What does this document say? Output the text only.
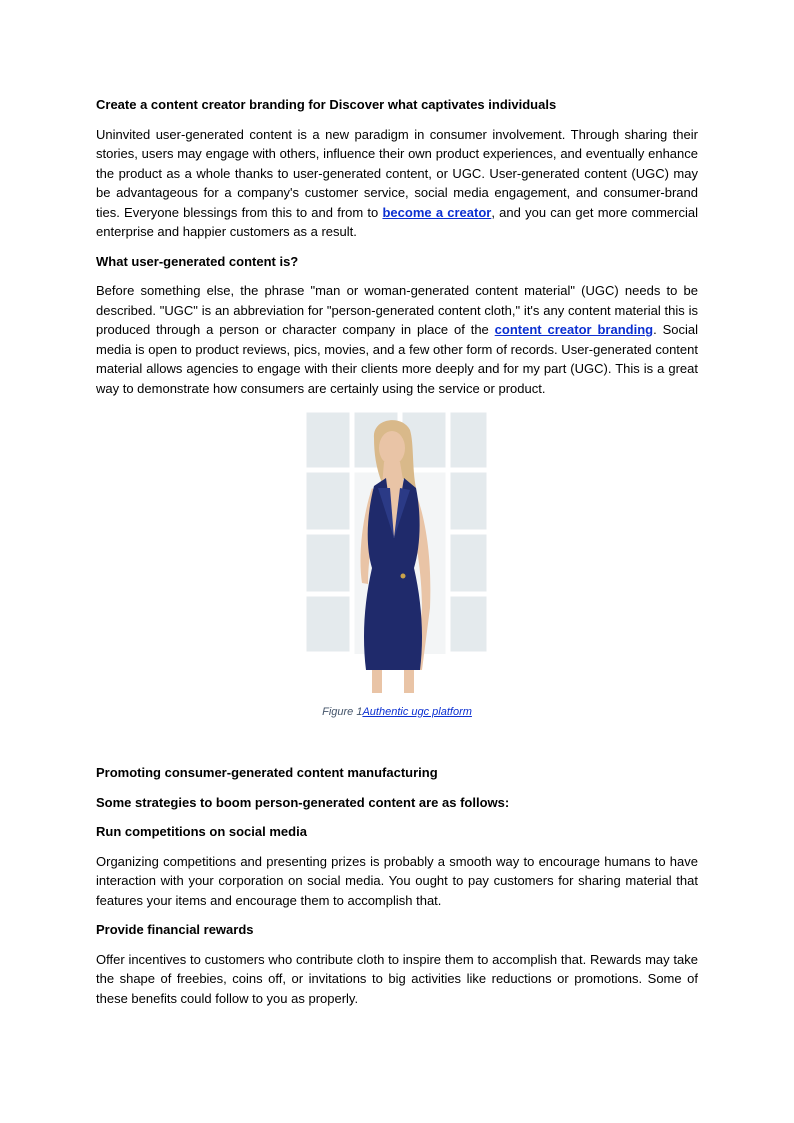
Create a content creator branding for Discover what captivates individuals

Uninvited user-generated content is a new paradigm in consumer involvement. Through sharing their stories, users may engage with others, influence their own product experiences, and eventually enhance the product as a whole thanks to user-generated content, or UGC. User-generated content (UGC) may be advantageous for a company's customer service, social media engagement, and consumer-brand ties. Everyone blessings from this to and from to become a creator, and you can get more commercial enterprise and happier customers as a result.

What user-generated content is?

Before something else, the phrase "man or woman-generated content material" (UGC) needs to be described. "UGC" is an abbreviation for "person-generated content cloth," it's any content material this is produced through a person or character company in place of the content creator branding. Social media is open to product reviews, pics, movies, and a few other form of records. User-generated content material allows agencies to engage with their clients more deeply and for my part (UGC). This is a great way to demonstrate how consumers are certainly using the service or product.

Figure 1Authentic ugc platform
Promoting consumer-generated content manufacturing
Some strategies to boom person-generated content are as follows:
Run competitions on social media

Organizing competitions and presenting prizes is probably a smooth way to encourage humans to have interaction with your corporation on social media. You ought to pay customers for sharing material that features your items and encourage them to accomplish that.

Provide financial rewards

Offer incentives to customers who contribute cloth to inspire them to accomplish that. Rewards may take the shape of freebies, coins off, or invitations to big activities like reductions or promotions. Some of these benefits could follow to you as properly.
